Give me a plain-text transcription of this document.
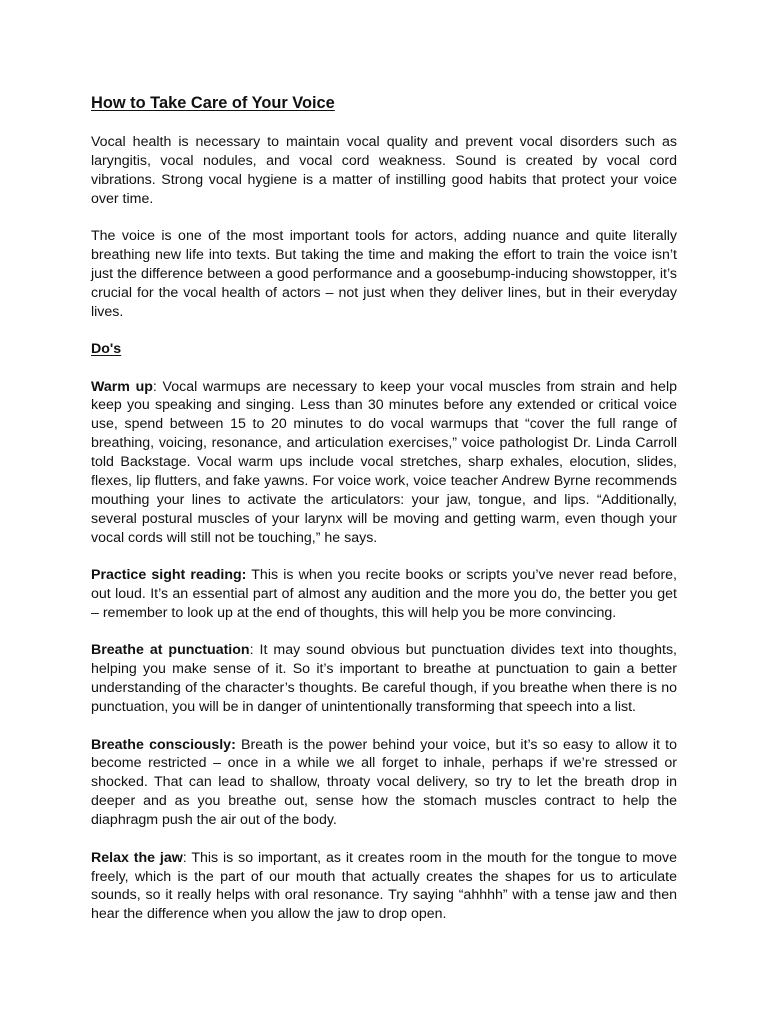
How to Take Care of Your Voice

Vocal health is necessary to maintain vocal quality and prevent vocal disorders such as laryngitis, vocal nodules, and vocal cord weakness. Sound is created by vocal cord vibrations. Strong vocal hygiene is a matter of instilling good habits that protect your voice over time.

The voice is one of the most important tools for actors, adding nuance and quite literally breathing new life into texts. But taking the time and making the effort to train the voice isn’t just the difference between a good performance and a goosebump-inducing showstopper, it’s crucial for the vocal health of actors – not just when they deliver lines, but in their everyday lives.

Do's

Warm up: Vocal warmups are necessary to keep your vocal muscles from strain and help keep you speaking and singing. Less than 30 minutes before any extended or critical voice use, spend between 15 to 20 minutes to do vocal warmups that “cover the full range of breathing, voicing, resonance, and articulation exercises,” voice pathologist Dr. Linda Carroll told Backstage. Vocal warm ups include vocal stretches, sharp exhales, elocution, slides, flexes, lip flutters, and fake yawns. For voice work, voice teacher Andrew Byrne recommends mouthing your lines to activate the articulators: your jaw, tongue, and lips. “Additionally, several postural muscles of your larynx will be moving and getting warm, even though your vocal cords will still not be touching,” he says.

Practice sight reading: This is when you recite books or scripts you’ve never read before, out loud. It’s an essential part of almost any audition and the more you do, the better you get – remember to look up at the end of thoughts, this will help you be more convincing.

Breathe at punctuation: It may sound obvious but punctuation divides text into thoughts, helping you make sense of it. So it’s important to breathe at punctuation to gain a better understanding of the character’s thoughts. Be careful though, if you breathe when there is no punctuation, you will be in danger of unintentionally transforming that speech into a list.

Breathe consciously: Breath is the power behind your voice, but it’s so easy to allow it to become restricted – once in a while we all forget to inhale, perhaps if we’re stressed or shocked. That can lead to shallow, throaty vocal delivery, so try to let the breath drop in deeper and as you breathe out, sense how the stomach muscles contract to help the diaphragm push the air out of the body.

Relax the jaw: This is so important, as it creates room in the mouth for the tongue to move freely, which is the part of our mouth that actually creates the shapes for us to articulate sounds, so it really helps with oral resonance. Try saying “ahhhh” with a tense jaw and then hear the difference when you allow the jaw to drop open.
